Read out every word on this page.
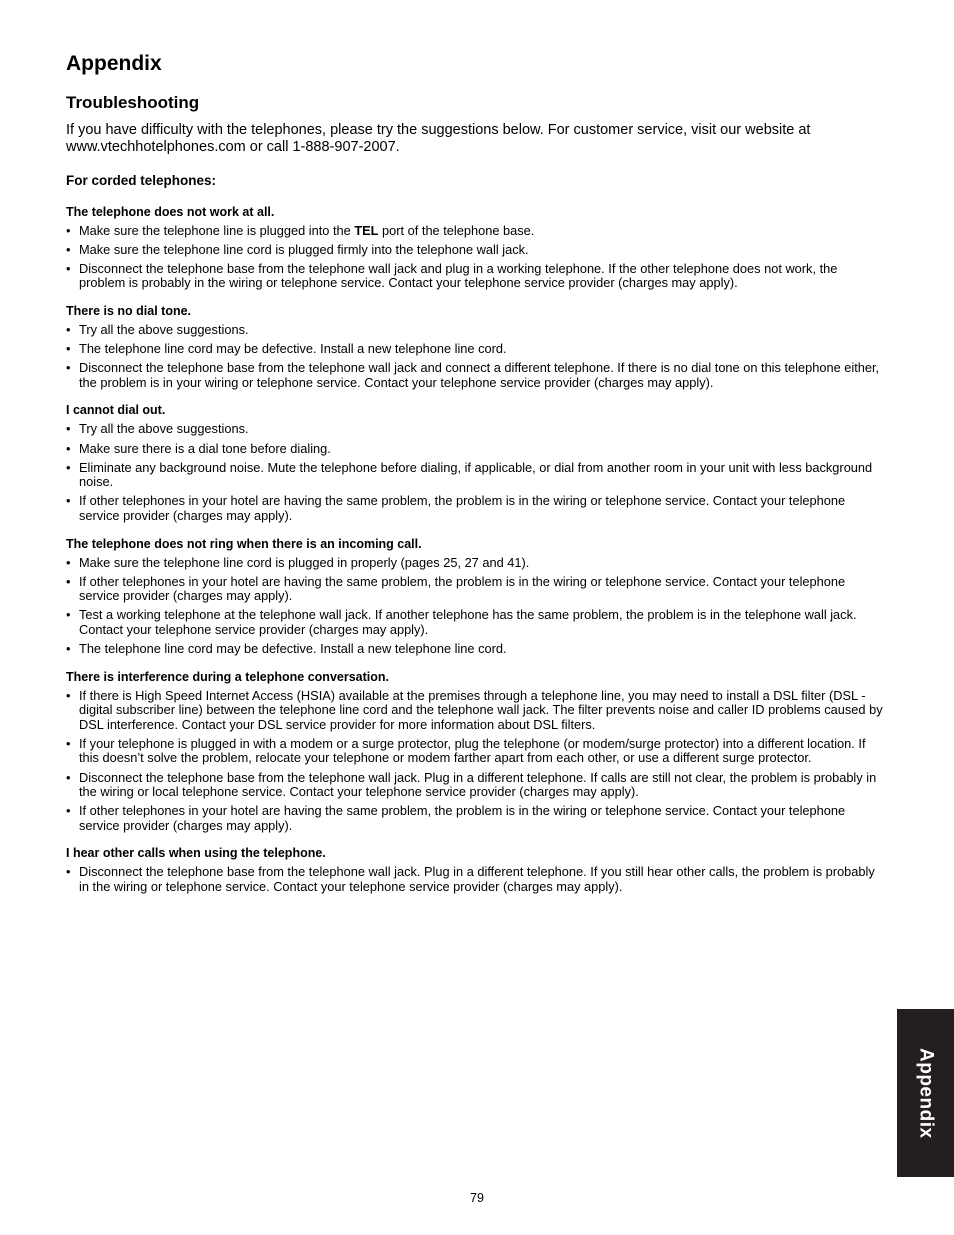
Appendix
Troubleshooting

If you have difficulty with the telephones, please try the suggestions below. For customer service, visit our website at www.vtechhotelphones.com or call 1-888-907-2007.

For corded telephones:
The telephone does not work at all.
• Make sure the telephone line is plugged into the TEL port of the telephone base.
• Make sure the telephone line cord is plugged firmly into the telephone wall jack.
• Disconnect the telephone base from the telephone wall jack and plug in a working telephone. If the other telephone does not work, the problem is probably in the wiring or telephone service. Contact your telephone service provider (charges may apply).
There is no dial tone.
• Try all the above suggestions.
• The telephone line cord may be defective. Install a new telephone line cord.
• Disconnect the telephone base from the telephone wall jack and connect a different telephone. If there is no dial tone on this telephone either, the problem is in your wiring or telephone service. Contact your telephone service provider (charges may apply).
I cannot dial out.
• Try all the above suggestions.
• Make sure there is a dial tone before dialing.
• Eliminate any background noise. Mute the telephone before dialing, if applicable, or dial from another room in your unit with less background noise.
• If other telephones in your hotel are having the same problem, the problem is in the wiring or telephone service. Contact your telephone service provider (charges may apply).
The telephone does not ring when there is an incoming call.
• Make sure the telephone line cord is plugged in properly (pages 25, 27 and 41).
• If other telephones in your hotel are having the same problem, the problem is in the wiring or telephone service. Contact your telephone service provider (charges may apply).
• Test a working telephone at the telephone wall jack. If another telephone has the same problem, the problem is in the telephone wall jack. Contact your telephone service provider (charges may apply).
• The telephone line cord may be defective. Install a new telephone line cord.
There is interference during a telephone conversation.
• If there is High Speed Internet Access (HSIA) available at the premises through a telephone line, you may need to install a DSL filter (DSL - digital subscriber line) between the telephone line cord and the telephone wall jack. The filter prevents noise and caller ID problems caused by DSL interference. Contact your DSL service provider for more information about DSL filters.
• If your telephone is plugged in with a modem or a surge protector, plug the telephone (or modem/surge protector) into a different location. If this doesn’t solve the problem, relocate your telephone or modem farther apart from each other, or use a different surge protector.
• Disconnect the telephone base from the telephone wall jack. Plug in a different telephone. If calls are still not clear, the problem is probably in the wiring or local telephone service. Contact your telephone service provider (charges may apply).
• If other telephones in your hotel are having the same problem, the problem is in the wiring or telephone service. Contact your telephone service provider (charges may apply).
I hear other calls when using the telephone.
• Disconnect the telephone base from the telephone wall jack. Plug in a different telephone. If you still hear other calls, the problem is probably in the wiring or telephone service. Contact your telephone service provider (charges may apply).
Appendix
79
